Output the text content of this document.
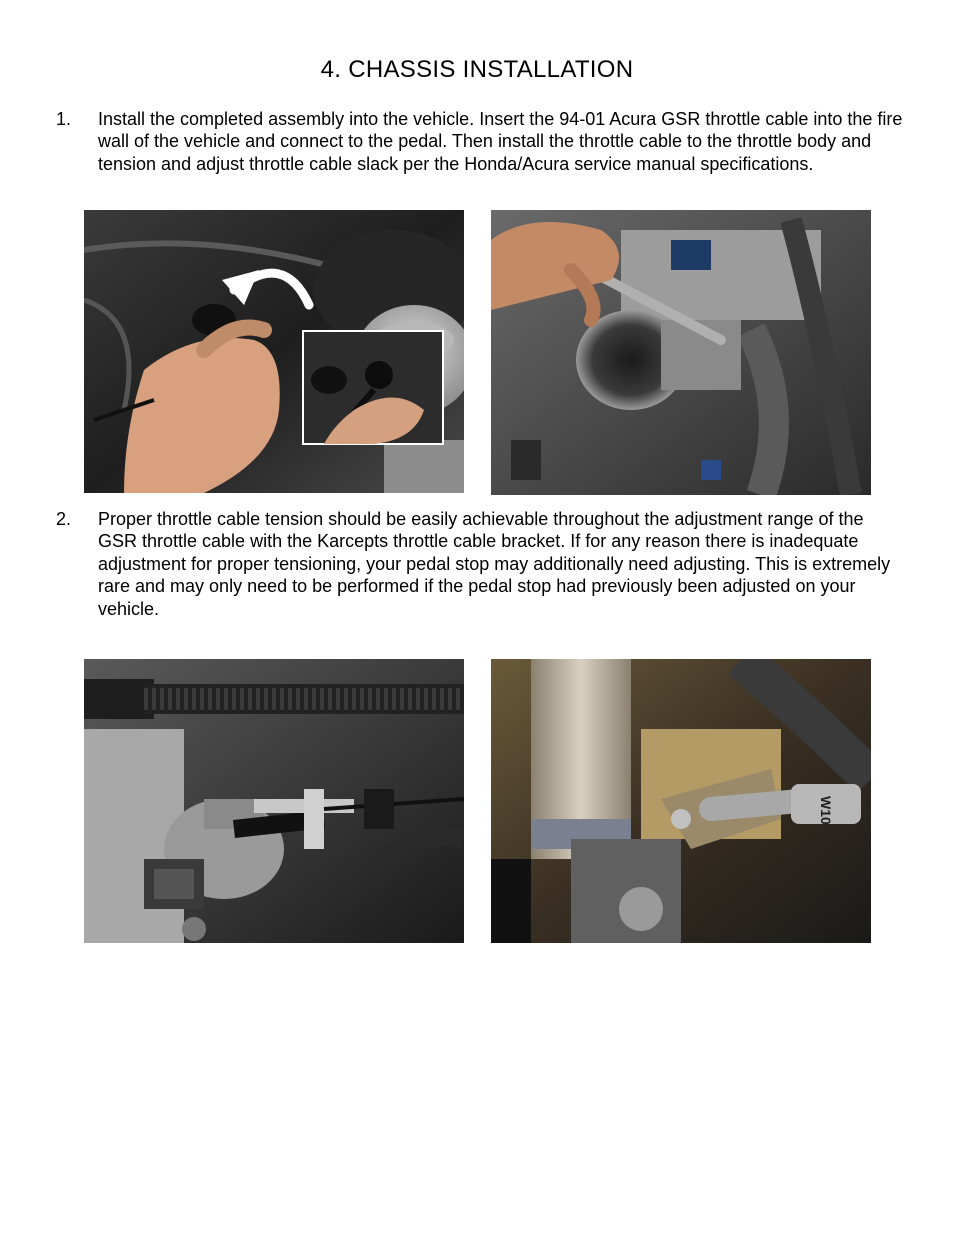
4. CHASSIS INSTALLATION
1. Install the completed assembly into the vehicle. Insert the 94-01 Acura GSR throttle cable into the fire wall of the vehicle and connect to the pedal. Then install the throttle cable to the throttle body and tension and adjust throttle cable slack per the Honda/Acura service manual specifications.
2. Proper throttle cable tension should be easily achievable throughout the adjustment range of the GSR throttle cable with the Karcepts throttle cable bracket. If for any reason there is inadequate adjustment for proper tensioning, your pedal stop may additionally need adjusting. This is extremely rare and may only need to be performed if the pedal stop had previously been adjusted on your vehicle.
W10
